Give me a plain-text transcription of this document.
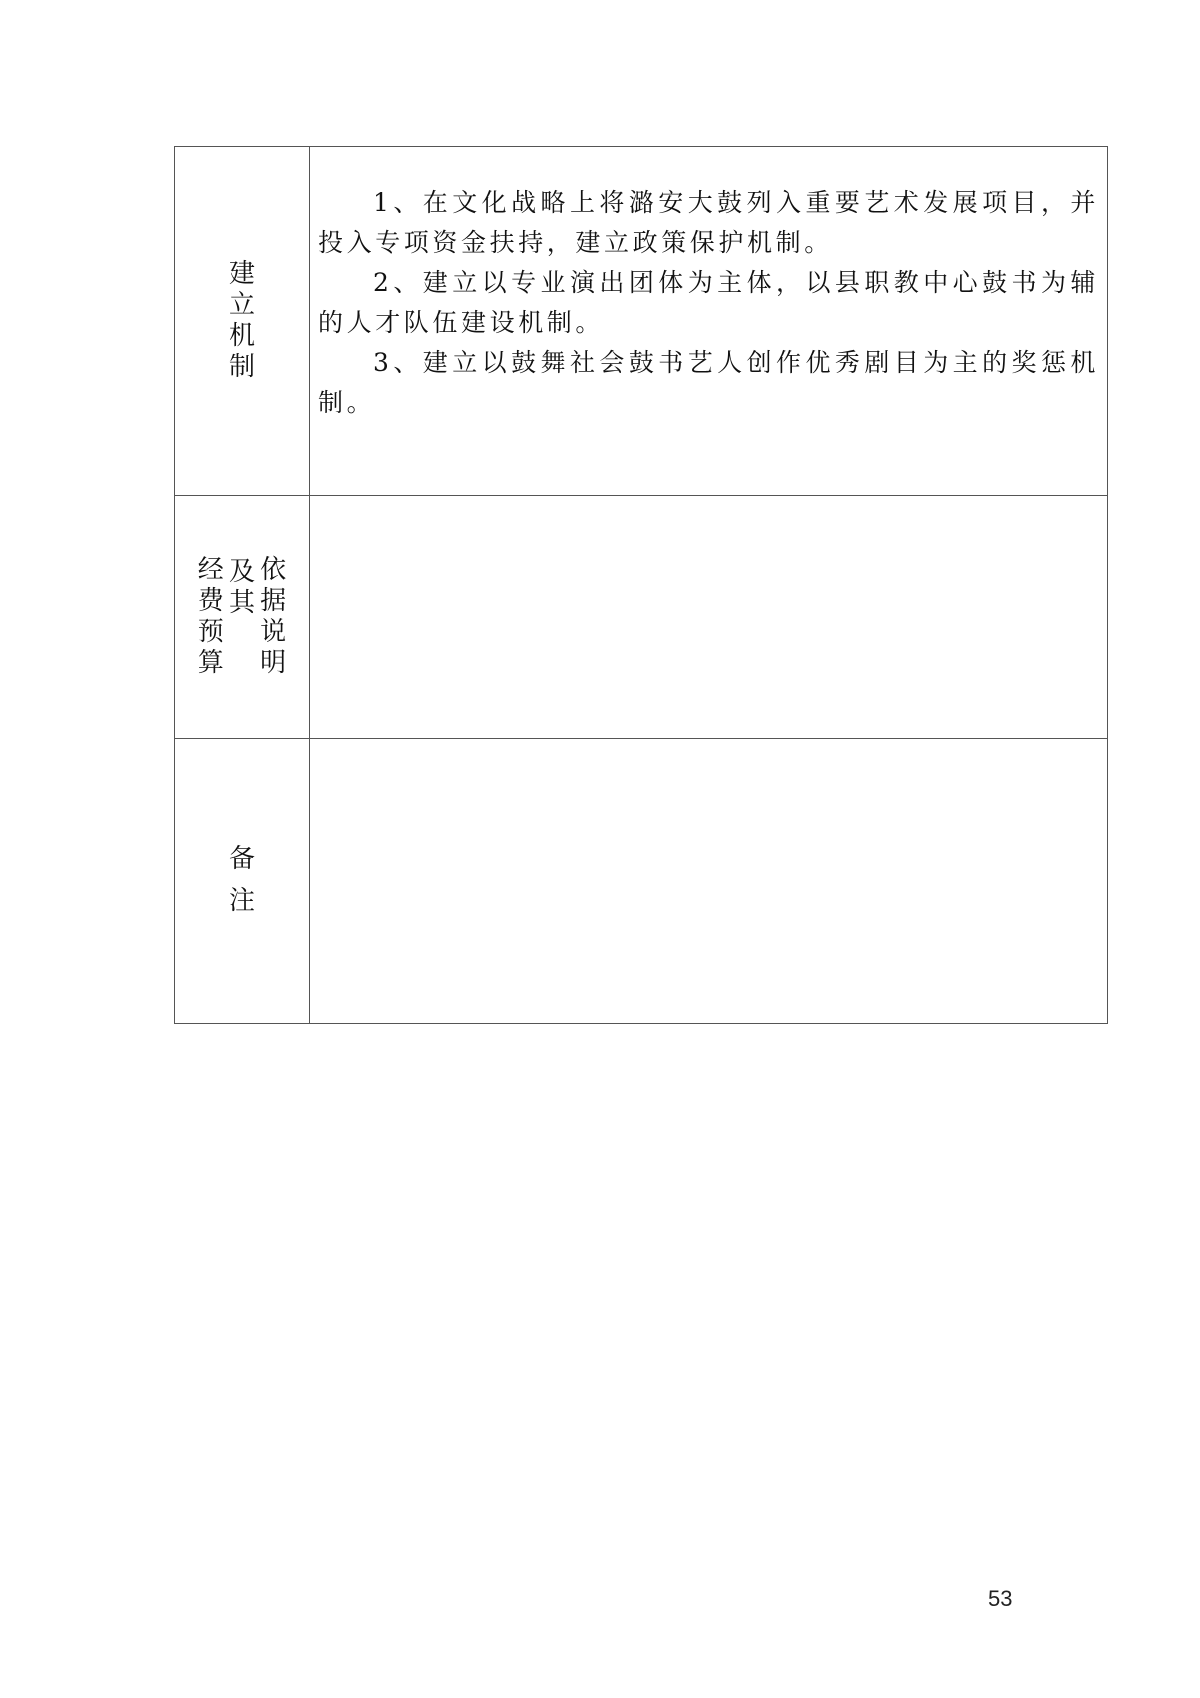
建立机制	1、在文化战略上将潞安大鼓列入重要艺术发展项目，并投入专项资金扶持，建立政策保护机制。

2、建立以专业演出团体为主体，以县职教中心鼓书为辅的人才队伍建设机制。

3、建立以鼓舞社会鼓书艺人创作优秀剧目为主的奖惩机制。

经费预算及其依据说明	
备注	
53
